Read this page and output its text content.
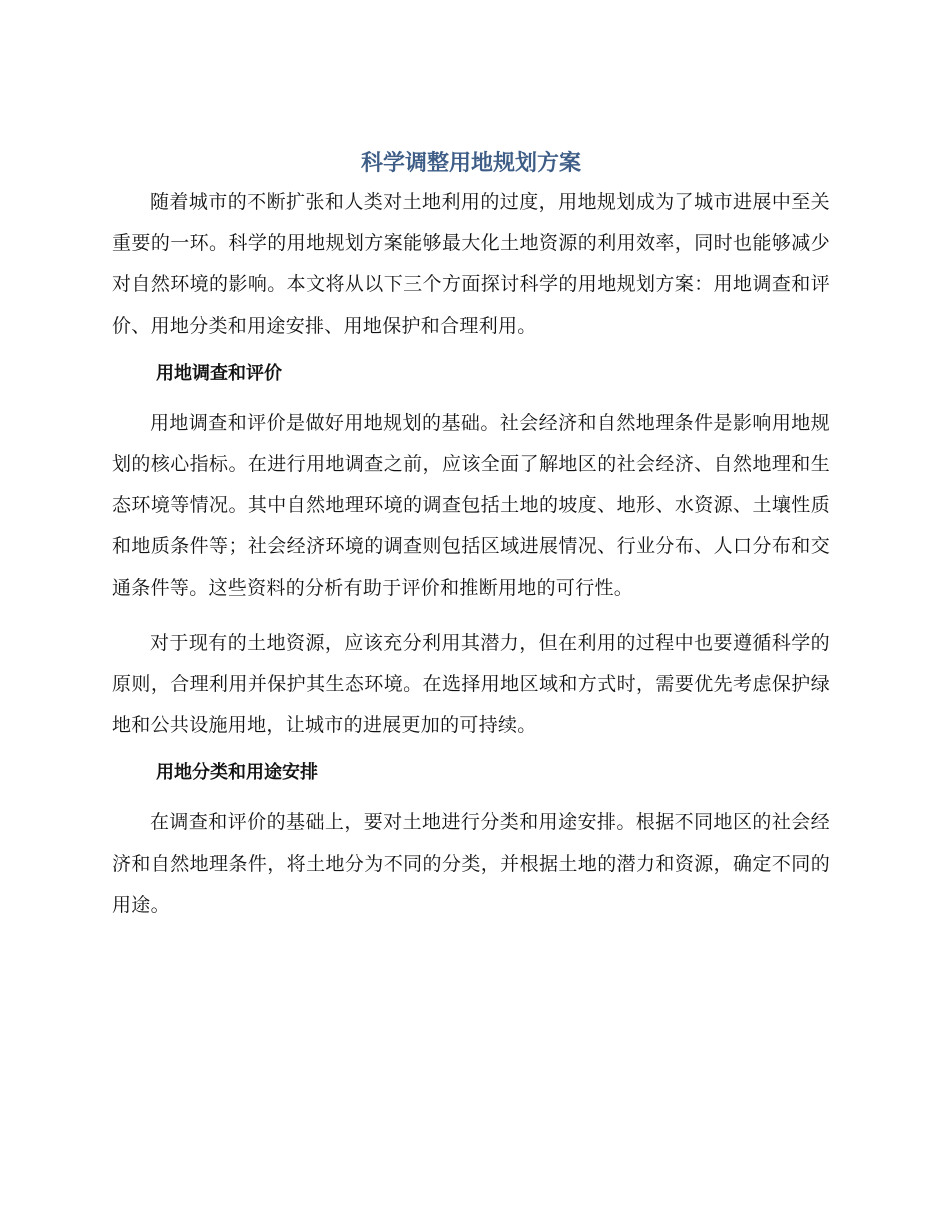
科学调整用地规划方案

随着城市的不断扩张和人类对土地利用的过度，用地规划成为了城市进展中至关重要的一环。科学的用地规划方案能够最大化土地资源的利用效率，同时也能够减少对自然环境的影响。本文将从以下三个方面探讨科学的用地规划方案：用地调查和评价、用地分类和用途安排、用地保护和合理利用。

用地调查和评价

用地调查和评价是做好用地规划的基础。社会经济和自然地理条件是影响用地规划的核心指标。在进行用地调查之前，应该全面了解地区的社会经济、自然地理和生态环境等情况。其中自然地理环境的调查包括土地的坡度、地形、水资源、土壤性质和地质条件等；社会经济环境的调查则包括区域进展情况、行业分布、人口分布和交通条件等。这些资料的分析有助于评价和推断用地的可行性。

对于现有的土地资源，应该充分利用其潜力，但在利用的过程中也要遵循科学的原则，合理利用并保护其生态环境。在选择用地区域和方式时，需要优先考虑保护绿地和公共设施用地，让城市的进展更加的可持续。

用地分类和用途安排

在调查和评价的基础上，要对土地进行分类和用途安排。根据不同地区的社会经济和自然地理条件，将土地分为不同的分类，并根据土地的潜力和资源，确定不同的用途。
